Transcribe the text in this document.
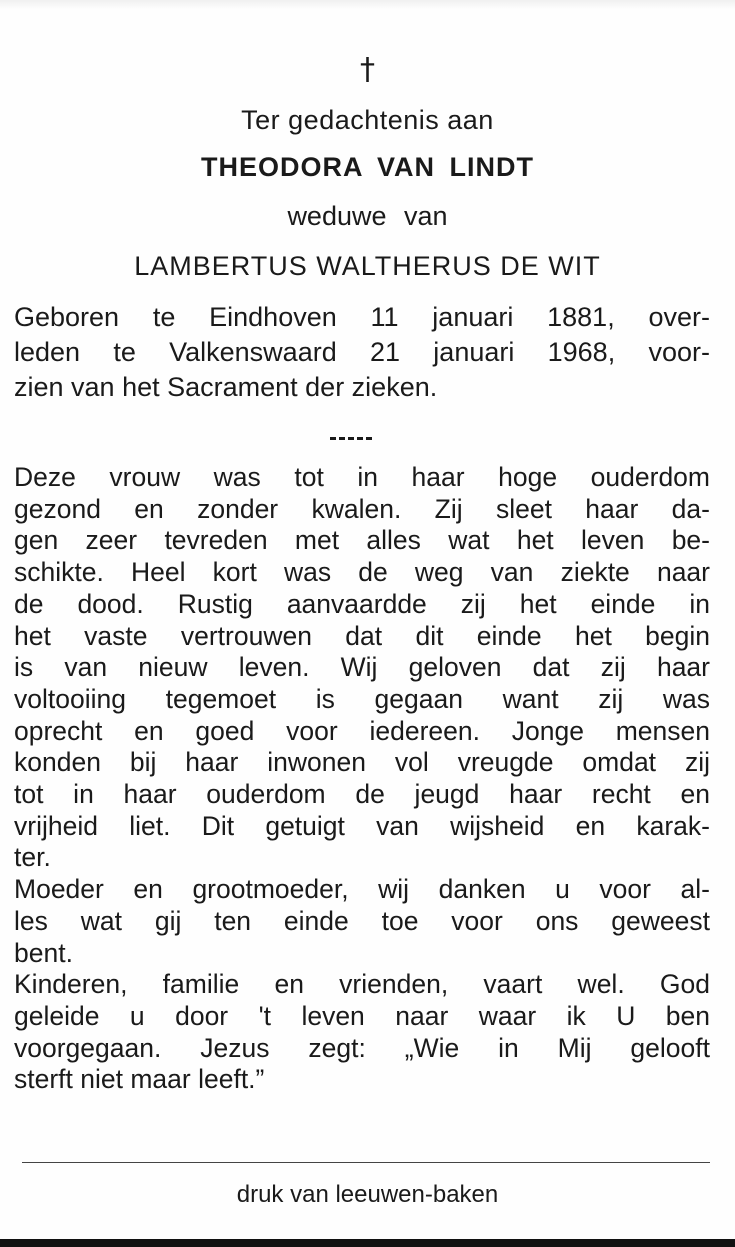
†
Ter gedachtenis aan
THEODORA VAN LINDT
weduwe van
LAMBERTUS WALTHERUS DE WIT
Geboren te Eindhoven 11 januari 1881, over-
leden te Valkenswaard 21 januari 1968, voor-
zien van het Sacrament der zieken.
Deze vrouw was tot in haar hoge ouderdom
gezond en zonder kwalen. Zij sleet haar da-
gen zeer tevreden met alles wat het leven be-
schikte. Heel kort was de weg van ziekte naar
de dood. Rustig aanvaardde zij het einde in
het vaste vertrouwen dat dit einde het begin
is van nieuw leven. Wij geloven dat zij haar
voltooiing tegemoet is gegaan want zij was
oprecht en goed voor iedereen. Jonge mensen
konden bij haar inwonen vol vreugde omdat zij
tot in haar ouderdom de jeugd haar recht en
vrijheid liet. Dit getuigt van wijsheid en karak-
ter.
Moeder en grootmoeder, wij danken u voor al-
les wat gij ten einde toe voor ons geweest
bent.
Kinderen, familie en vrienden, vaart wel. God
geleide u door 't leven naar waar ik U ben
voorgegaan. Jezus zegt: „Wie in Mij gelooft
sterft niet maar leeft.”
druk van leeuwen-baken
